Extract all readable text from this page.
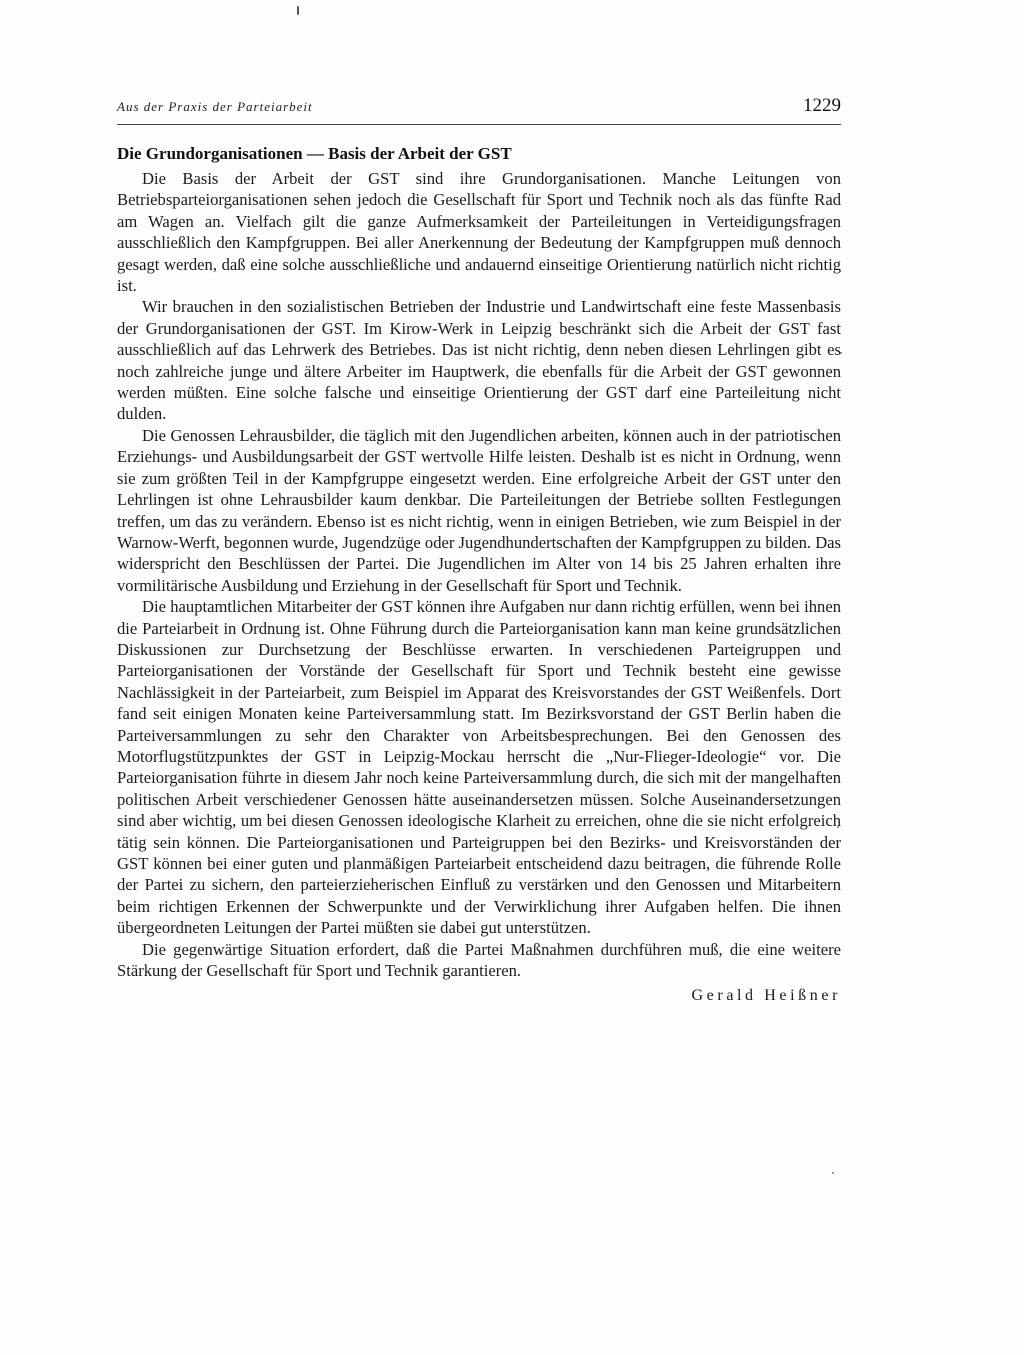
Aus der Praxis der Parteiarbeit	1229
Die Grundorganisationen — Basis der Arbeit der GST

Die Basis der Arbeit der GST sind ihre Grundorganisationen. Manche Leitungen von Betriebsparteiorganisationen sehen jedoch die Gesellschaft für Sport und Technik noch als das fünfte Rad am Wagen an. Vielfach gilt die ganze Aufmerksamkeit der Parteileitungen in Verteidigungsfragen ausschließlich den Kampfgruppen. Bei aller Anerkennung der Bedeutung der Kampfgruppen muß dennoch gesagt werden, daß eine solche ausschließliche und andauernd einseitige Orientierung natürlich nicht richtig ist.

Wir brauchen in den sozialistischen Betrieben der Industrie und Landwirtschaft eine feste Massenbasis der Grundorganisationen der GST. Im Kirow-Werk in Leipzig beschränkt sich die Arbeit der GST fast ausschließlich auf das Lehrwerk des Betriebes. Das ist nicht richtig, denn neben diesen Lehrlingen gibt es noch zahlreiche junge und ältere Arbeiter im Hauptwerk, die ebenfalls für die Arbeit der GST gewonnen werden müßten. Eine solche falsche und einseitige Orientierung der GST darf eine Parteileitung nicht dulden.

Die Genossen Lehrausbilder, die täglich mit den Jugendlichen arbeiten, können auch in der patriotischen Erziehungs- und Ausbildungsarbeit der GST wertvolle Hilfe leisten. Deshalb ist es nicht in Ordnung, wenn sie zum größten Teil in der Kampfgruppe eingesetzt werden. Eine erfolgreiche Arbeit der GST unter den Lehrlingen ist ohne Lehrausbilder kaum denkbar. Die Parteileitungen der Betriebe sollten Festlegungen treffen, um das zu verändern. Ebenso ist es nicht richtig, wenn in einigen Betrieben, wie zum Beispiel in der Warnow-Werft, begonnen wurde, Jugendzüge oder Jugendhundertschaften der Kampfgruppen zu bilden. Das widerspricht den Beschlüssen der Partei. Die Jugendlichen im Alter von 14 bis 25 Jahren erhalten ihre vormilitärische Ausbildung und Erziehung in der Gesellschaft für Sport und Technik.

Die hauptamtlichen Mitarbeiter der GST können ihre Aufgaben nur dann richtig erfüllen, wenn bei ihnen die Parteiarbeit in Ordnung ist. Ohne Führung durch die Parteiorganisation kann man keine grundsätzlichen Diskussionen zur Durchsetzung der Beschlüsse erwarten. In verschiedenen Parteigruppen und Parteiorganisationen der Vorstände der Gesellschaft für Sport und Technik besteht eine gewisse Nachlässigkeit in der Parteiarbeit, zum Beispiel im Apparat des Kreisvorstandes der GST Weißenfels. Dort fand seit einigen Monaten keine Parteiversammlung statt. Im Bezirksvorstand der GST Berlin haben die Parteiversammlungen zu sehr den Charakter von Arbeitsbesprechungen. Bei den Genossen des Motorflugstützpunktes der GST in Leipzig-Mockau herrscht die „Nur-Flieger-Ideologie“ vor. Die Parteiorganisation führte in diesem Jahr noch keine Parteiversammlung durch, die sich mit der mangelhaften politischen Arbeit verschiedener Genossen hätte auseinandersetzen müssen. Solche Auseinandersetzungen sind aber wichtig, um bei diesen Genossen ideologische Klarheit zu erreichen, ohne die sie nicht erfolgreich tätig sein können. Die Parteiorganisationen und Parteigruppen bei den Bezirks- und Kreisvorständen der GST können bei einer guten und planmäßigen Parteiarbeit entscheidend dazu beitragen, die führende Rolle der Partei zu sichern, den parteierzieherischen Einfluß zu verstärken und den Genossen und Mitarbeitern beim richtigen Erkennen der Schwerpunkte und der Verwirklichung ihrer Aufgaben helfen. Die ihnen übergeordneten Leitungen der Partei müßten sie dabei gut unterstützen.

Die gegenwärtige Situation erfordert, daß die Partei Maßnahmen durchführen muß, die eine weitere Stärkung der Gesellschaft für Sport und Technik garantieren.

Gerald Heißner
